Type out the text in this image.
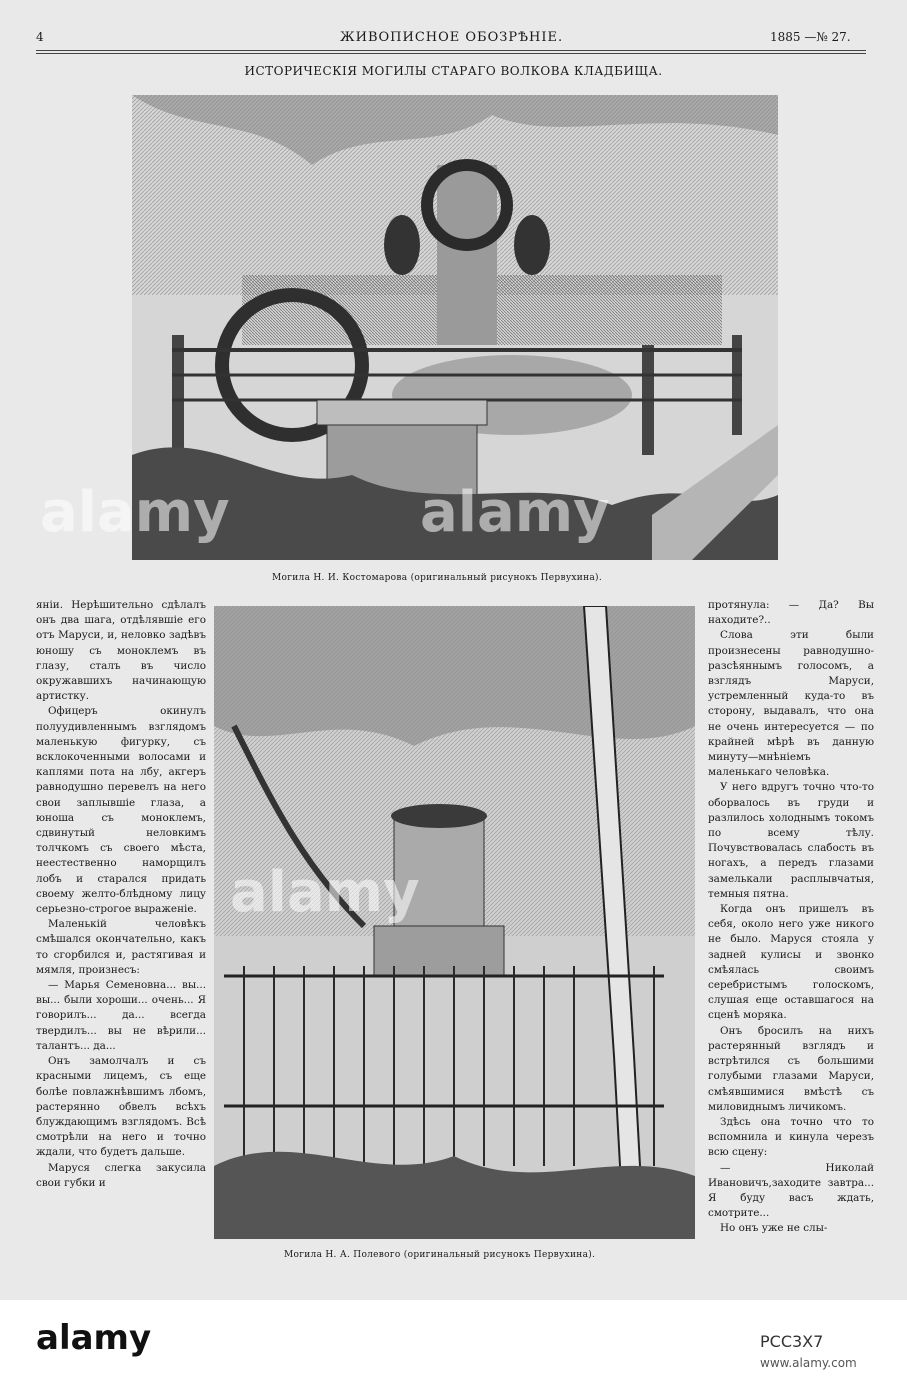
4	ЖИВОПИСНОЕ ОБОЗРѢНІЕ.	1885 —№ 27.
ИСТОРИЧЕСКІЯ МОГИЛЫ СТАРАГО ВОЛКОВА КЛАДБИЩА.
Могила Н. И. Костомарова (оригинальный рисунокъ Первухина).
Могила Н. А. Полевого (оригинальный рисунокъ Первухина).

янiи. Нерѣшительно сдѣлалъ онъ два шага, отдѣлявшiе его отъ Маруси, и, неловко задѣвъ юношу съ моноклемъ въ глазу, сталъ въ число окружавшихъ начинающую артистку.

Офицеръ окинулъ полуудивленнымъ взглядомъ маленькую фигурку, съ всклокоченными волосами и каплями пота на лбу, акгеръ равнодушно перевелъ на него свои заплывшiе глаза, а юноша съ моноклемъ, сдвинутый неловкимъ толчкомъ съ своего мѣста, неестественно наморщилъ лобъ и старался придать своему желто-блѣдному лицу серьезно-строгое выраженiе.

Маленькiй человѣкъ смѣшался окончательно, какъ то сгорбился и, растягивая и мямля, произнесъ:

— Марья Семеновна... вы... вы... были хороши... очень... Я говорилъ... да... всегда твердилъ... вы не вѣрили... талантъ... да...

Онъ замолчалъ и съ красными лицемъ, съ еще болѣе повлажнѣвшимъ лбомъ, растерянно обвелъ всѣхъ блуждающимъ взглядомъ. Всѣ смотрѣли на него и точно ждали, что будетъ дальше.

Маруся слегка закусила свои губки и

протянула: — Да? Вы находите?..

Слова эти были произнесены равнодушно-разсѣяннымъ голосомъ, а взглядъ Маруси, устремленный куда-то въ сторону, выдавалъ, что она не очень интересуется — по крайней мѣрѣ въ данную минуту—мнѣнiемъ маленькаго человѣка.

У него вдругъ точно что-то оборвалось въ груди и разлилось холоднымъ токомъ по всему тѣлу. Почувствовалась слабость въ ногахъ, а передъ глазами замелькали расплывчатыя, темныя пятна.

Когда онъ пришелъ въ себя, около него уже никого не было. Маруся стояла у задней кулисы и звонко смѣялась своимъ серебристымъ голоскомъ, слушая еще оставшагося на сценѣ моряка.

Онъ бросилъ на нихъ растерянный взглядъ и встрѣтился съ большими голубыми глазами Маруси, смѣявшимися вмѣстѣ съ миловиднымъ личикомъ.

Здѣсь она точно что то вспомнила и кинула черезъ всю сцену:

— Николай Ивановичъ,заходите завтра... Я буду васъ ждать, смотрите...

Но онъ уже не слы-

alamy	alamy
alamy
alamy	PCC3X7
www.alamy.com
